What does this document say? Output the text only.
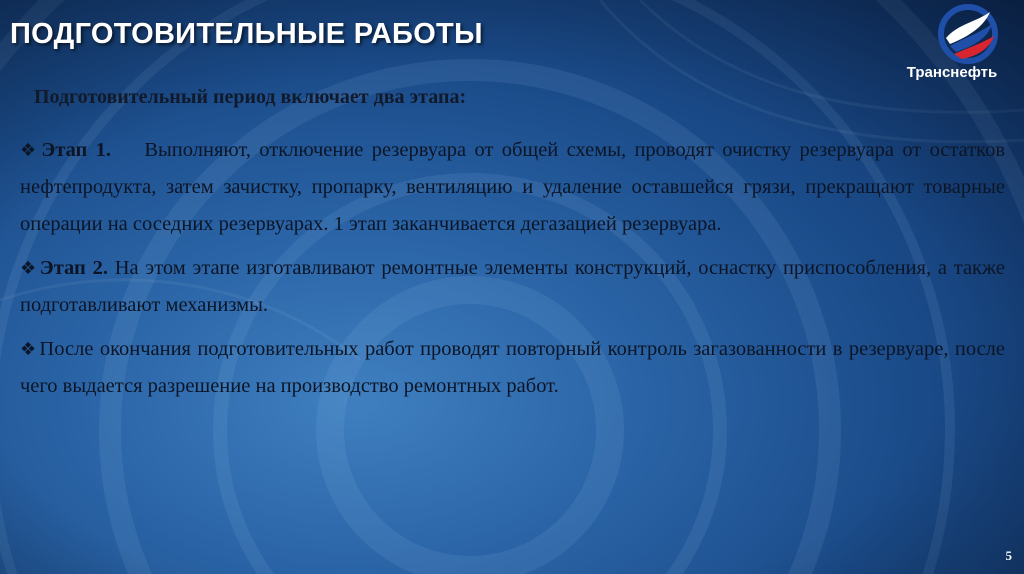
ПОДГОТОВИТЕЛЬНЫЕ РАБОТЫ
Транснефть

Подготовительный период включает два этапа:

❖Этап 1. Выполняют, отключение резервуара от общей схемы, проводят очистку резервуара от остатков нефтепродукта, затем зачистку, пропарку, вентиляцию и удаление оставшейся грязи, прекращают товарные операции на соседних резервуарах. 1 этап заканчивается дегазацией резервуара.

❖Этап 2. На этом этапе изготавливают ремонтные элементы конструкций, оснастку приспособления, а также подготавливают механизмы.

❖После окончания подготовительных работ проводят повторный контроль загазованности в резервуаре, после чего выдается разрешение на производство ремонтных работ.

5
